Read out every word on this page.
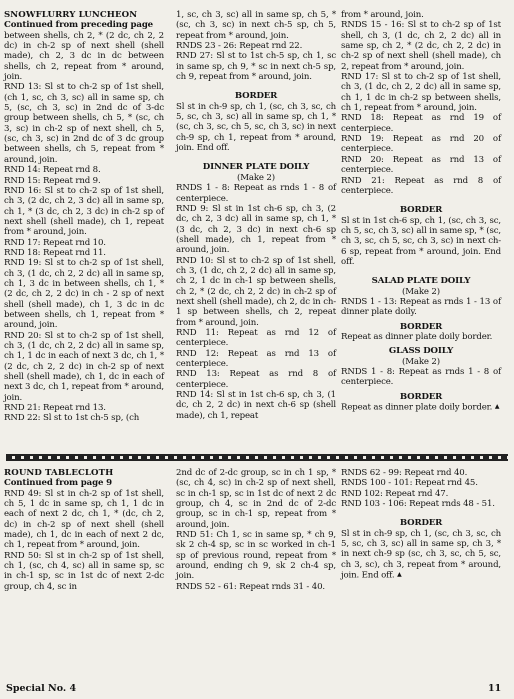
SNOWFLURRY LUNCHEON

Continued from preceding page

between shells, ch 2, * (2 dc, ch 2, 2 dc) in ch-2 sp of next shell (shell made), ch 2, 3 dc in dc between shells, ch 2, repeat from * around, join.

RND 13: Sl st to ch-2 sp of 1st shell, (ch 1, sc, ch 3, sc) all in same sp, ch 5, (sc, ch 3, sc) in 2nd dc of 3-dc group between shells, ch 5, * (sc, ch 3, sc) in ch-2 sp of next shell, ch 5, (sc, ch 3, sc) in 2nd dc of 3 dc group between shells, ch 5, repeat from * around, join.

RND 14: Repeat rnd 8.

RND 15: Repeat rnd 9.

RND 16: Sl st to ch-2 sp of 1st shell, ch 3, (2 dc, ch 2, 3 dc) all in same sp, ch 1, * (3 dc, ch 2, 3 dc) in ch-2 sp of next shell (shell made), ch 1, repeat from * around, join.

RND 17: Repeat rnd 10.

RND 18: Repeat rnd 11.

RND 19: Sl st to ch-2 sp of 1st shell, ch 3, (1 dc, ch 2, 2 dc) all in same sp, ch 1, 3 dc in between shells, ch 1, * (2 dc, ch 2, 2 dc) in ch - 2 sp of next shell (shell made), ch 1, 3 dc in dc between shells, ch 1, repeat from * around, join.

RND 20: Sl st to ch-2 sp of 1st shell, ch 3, (1 dc, ch 2, 2 dc) all in same sp, ch 1, 1 dc in each of next 3 dc, ch 1, * (2 dc, ch 2, 2 dc) in ch-2 sp of next shell (shell made), ch 1, dc in each of next 3 dc, ch 1, repeat from * around, join.

RND 21: Repeat rnd 13.

RND 22: Sl st to 1st ch-5 sp, (ch

1, sc, ch 3, sc) all in same sp, ch 5, * (sc, ch 3, sc) in next ch-5 sp, ch 5, repeat from * around, join.

RNDS 23 - 26: Repeat rnd 22.

RND 27: Sl st to 1st ch-5 sp, ch 1, sc in same sp, ch 9, * sc in next ch-5 sp, ch 9, repeat from * around, join.

BORDER

Sl st in ch-9 sp, ch 1, (sc, ch 3, sc, ch 5, sc, ch 3, sc) all in same sp, ch 1, * (sc, ch 3, sc, ch 5, sc, ch 3, sc) in next ch-9 sp, ch 1, repeat from * around, join. End off.

DINNER PLATE DOILY

(Make 2)

RNDS 1 - 8: Repeat as rnds 1 - 8 of centerpiece.

RND 9: Sl st in 1st ch-6 sp, ch 3, (2 dc, ch 2, 3 dc) all in same sp, ch 1, * (3 dc, ch 2, 3 dc) in next ch-6 sp (shell made), ch 1, repeat from * around, join.

RND 10: Sl st to ch-2 sp of 1st shell, ch 3, (1 dc, ch 2, 2 dc) all in same sp, ch 2, 1 dc in ch-1 sp between shells, ch 2, * (2 dc, ch 2, 2 dc) in ch-2 sp of next shell (shell made), ch 2, dc in ch-1 sp between shells, ch 2, repeat from * around, join.

RND 11: Repeat as rnd 12 of centerpiece.

RND 12: Repeat as rnd 13 of centerpiece.

RND 13: Repeat as rnd 8 of centerpiece.

RND 14: Sl st in 1st ch-6 sp, ch 3, (1 dc, ch 2, 2 dc) in next ch-6 sp (shell made), ch 1, repeat

from * around, join.

RNDS 15 - 16: Sl st to ch-2 sp of 1st shell, ch 3, (1 dc, ch 2, 2 dc) all in same sp, ch 2, * (2 dc, ch 2, 2 dc) in ch-2 sp of next shell (shell made), ch 2, repeat from * around, join.

RND 17: Sl st to ch-2 sp of 1st shell, ch 3, (1 dc, ch 2, 2 dc) all in same sp, ch 1, 1 dc in ch-2 sp between shells, ch 1, repeat from * around, join.

RND 18: Repeat as rnd 19 of centerpiece.

RND 19: Repeat as rnd 20 of centerpiece.

RND 20: Repeat as rnd 13 of centerpiece.

RND 21: Repeat as rnd 8 of centerpiece.

BORDER

Sl st in 1st ch-6 sp, ch 1, (sc, ch 3, sc, ch 5, sc, ch 3, sc) all in same sp, * (sc, ch 3, sc, ch 5, sc, ch 3, sc) in next ch-6 sp, repeat from * around, join. End off.

SALAD PLATE DOILY

(Make 2)

RNDS 1 - 13: Repeat as rnds 1 - 13 of dinner plate doily.

BORDER

Repeat as dinner plate doily border.

GLASS DOILY

(Make 2)

RNDS 1 - 8: Repeat as rnds 1 - 8 of centerpiece.

BORDER

Repeat as dinner plate doily border. ▲

ROUND TABLECLOTH

Continued from page 9

RND 49: Sl st in ch-2 sp of 1st shell, ch 5, 1 dc in same sp, ch 1, 1 dc in each of next 2 dc, ch 1, * (dc, ch 2, dc) in ch-2 sp of next shell (shell made), ch 1, dc in each of next 2 dc, ch 1, repeat from * around, join.

RND 50: Sl st in ch-2 sp of 1st shell, ch 1, (sc, ch 4, sc) all in same sp, sc in ch-1 sp, sc in 1st dc of next 2-dc group, ch 4, sc in

2nd dc of 2-dc group, sc in ch 1 sp, * (sc, ch 4, sc) in ch-2 sp of next shell, sc in ch-1 sp, sc in 1st dc of next 2 dc group, ch 4, sc in 2nd dc of 2-dc group, sc in ch-1 sp, repeat from * around, join.

RND 51: Ch 1, sc in same sp, * ch 9, sk 2 ch-4 sp, sc in sc worked in ch-1 sp of previous round, repeat from * around, ending ch 9, sk 2 ch-4 sp, join.

RNDS 52 - 61: Repeat rnds 31 - 40.

RNDS 62 - 99: Repeat rnd 40.

RNDS 100 - 101: Repeat rnd 45.

RND 102: Repeat rnd 47.

RND 103 - 106: Repeat rnds 48 - 51.

BORDER

Sl st in ch-9 sp, ch 1, (sc, ch 3, sc, ch 5, sc, ch 3, sc) all in same sp, ch 3, * in next ch-9 sp (sc, ch 3, sc, ch 5, sc, ch 3, sc), ch 3, repeat from * around, join. End off. ▲

Special No. 4	11
